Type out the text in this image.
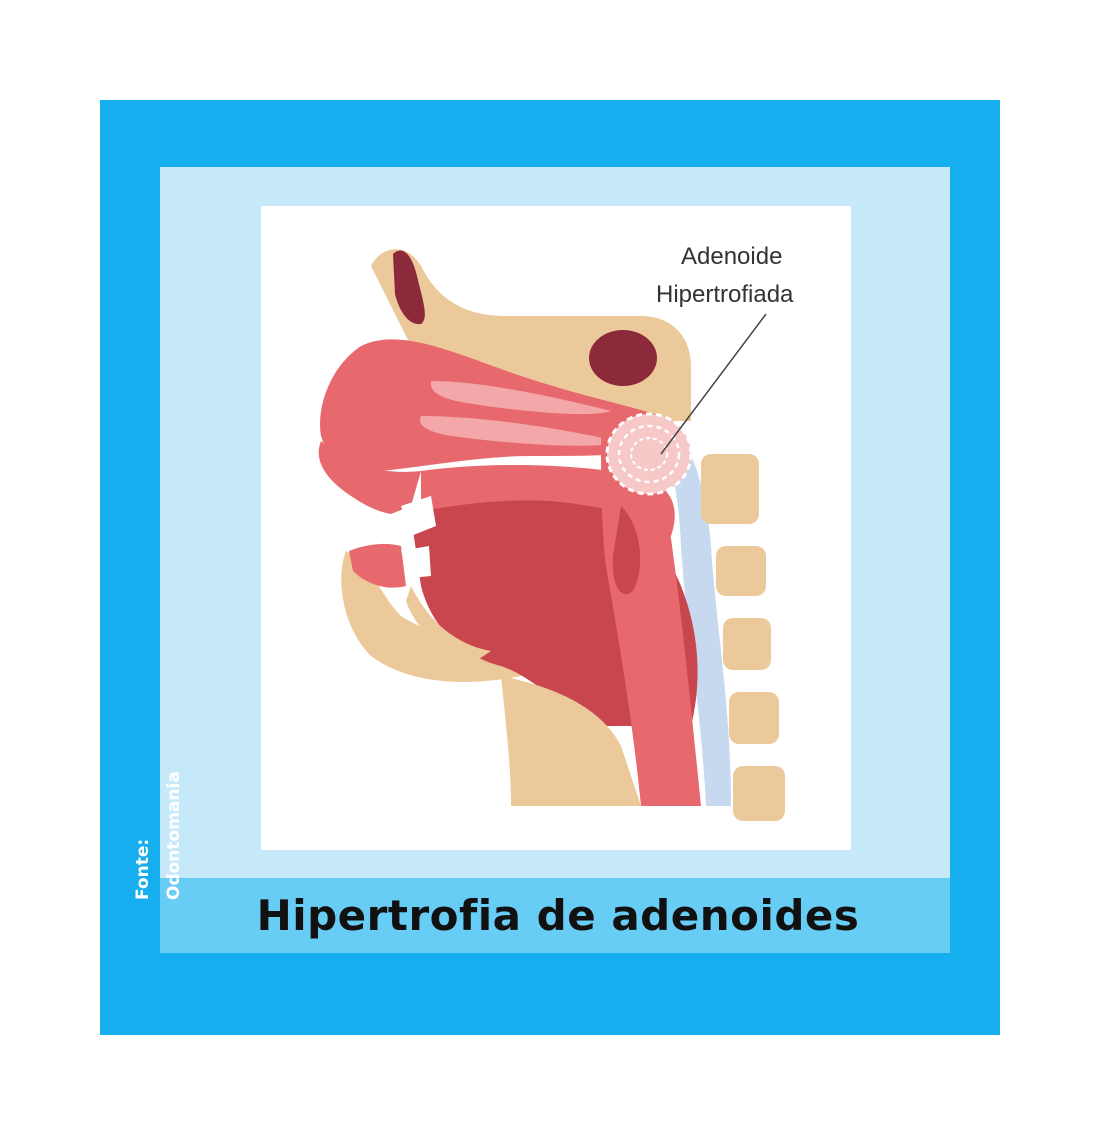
Adenoide
Hipertrofiada
Hipertrofia de adenoides
Fonte: Odontomania
